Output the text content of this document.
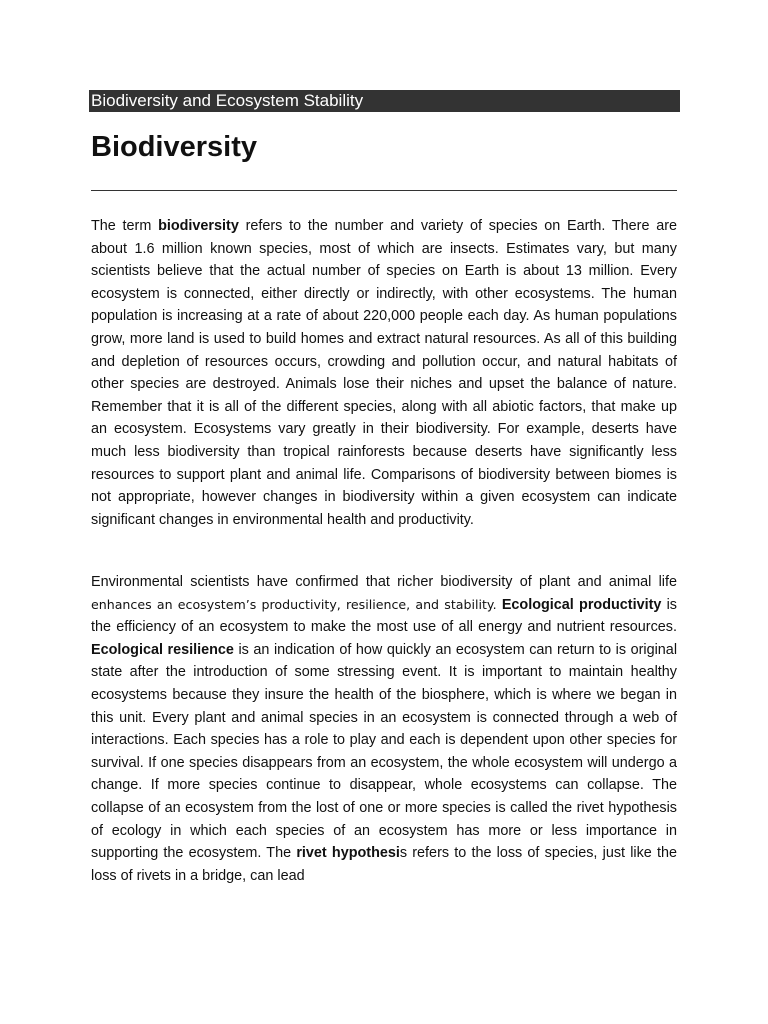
Biodiversity and Ecosystem Stability
Biodiversity

The term biodiversity refers to the number and variety of species on Earth. There are about 1.6 million known species, most of which are insects. Estimates vary, but many scientists believe that the actual number of species on Earth is about 13 million. Every ecosystem is connected, either directly or indirectly, with other ecosystems. The human population is increasing at a rate of about 220,000 people each day. As human populations grow, more land is used to build homes and extract natural resources. As all of this building and depletion of resources occurs, crowding and pollution occur, and natural habitats of other species are destroyed. Animals lose their niches and upset the balance of nature. Remember that it is all of the different species, along with all abiotic factors, that make up an ecosystem. Ecosystems vary greatly in their biodiversity. For example, deserts have much less biodiversity than tropical rainforests because deserts have significantly less resources to support plant and animal life. Comparisons of biodiversity between biomes is not appropriate, however changes in biodiversity within a given ecosystem can indicate significant changes in environmental health and productivity.

Environmental scientists have confirmed that richer biodiversity of plant and animal life enhances an ecosystem’s productivity, resilience, and stability. Ecological productivity is the efficiency of an ecosystem to make the most use of all energy and nutrient resources. Ecological resilience is an indication of how quickly an ecosystem can return to is original state after the introduction of some stressing event. It is important to maintain healthy ecosystems because they insure the health of the biosphere, which is where we began in this unit. Every plant and animal species in an ecosystem is connected through a web of interactions. Each species has a role to play and each is dependent upon other species for survival. If one species disappears from an ecosystem, the whole ecosystem will undergo a change. If more species continue to disappear, whole ecosystems can collapse. The collapse of an ecosystem from the lost of one or more species is called the rivet hypothesis of ecology in which each species of an ecosystem has more or less importance in supporting the ecosystem. The rivet hypothesis refers to the loss of species, just like the loss of rivets in a bridge, can lead
